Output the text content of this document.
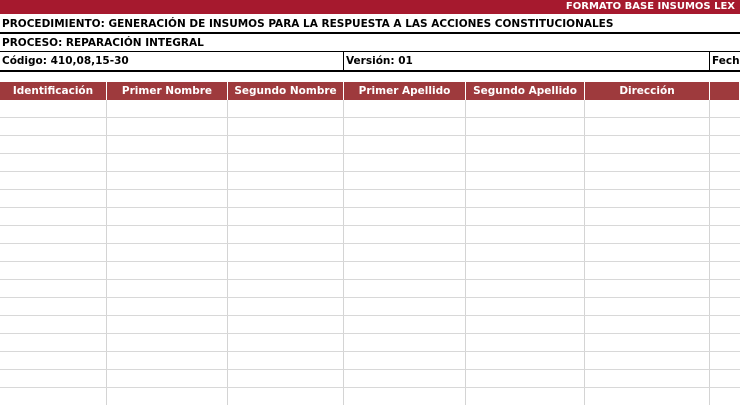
FORMATO BASE INSUMOS LEX
PROCEDIMIENTO: GENERACIÓN DE INSUMOS PARA LA RESPUESTA A LAS ACCIONES CONSTITUCIONALES
PROCESO: REPARACIÓN INTEGRAL
Código: 410,08,15-30	Versión: 01	Fech
Identificación	Primer Nombre	Segundo Nombre	Primer Apellido	Segundo Apellido	Dirección
